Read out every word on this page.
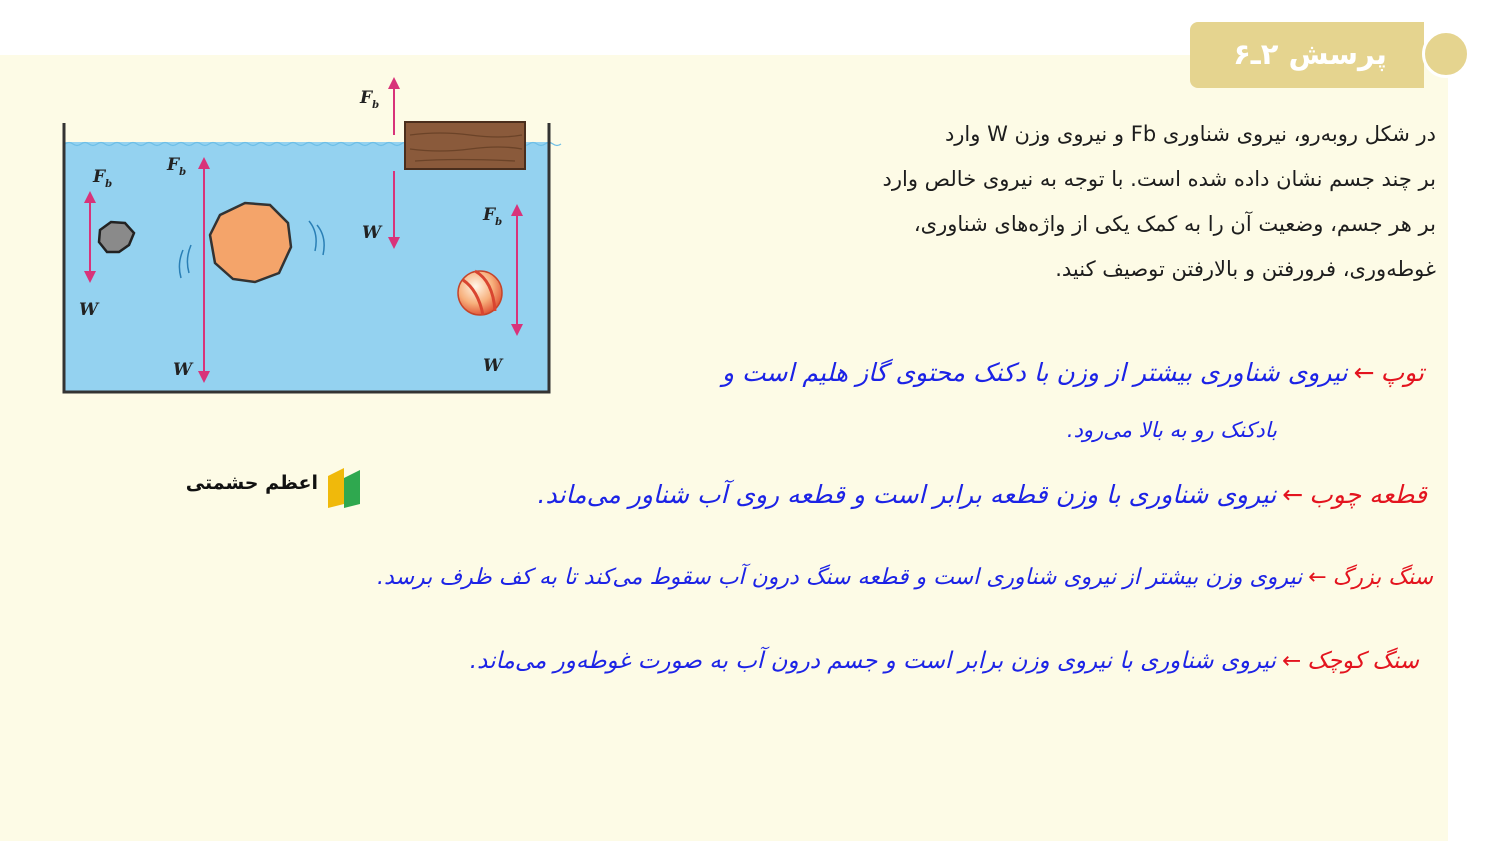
پرسش ۲ـ۶

در شکل روبه‌رو، نیروی شناوری Fb و نیروی وزن W وارد

بر چند جسم نشان داده شده است. با توجه به نیروی خالص وارد

بر هر جسم، وضعیت آن را به کمک یکی از واژه‌های شناوری،

غوطه‌وری، فرورفتن و بالارفتن توصیف کنید.

$F_b$
W
$F_b$
W
$F_b$
W
$F_b$
W
اعظم حشمتی
توپ←نیروی شناوری بیشتر از وزن با دکنک محتوی گاز هلیم است و
بادکنک رو به بالا می‌رود.
قطعه چوب←نیروی شناوری با وزن قطعه برابر است و قطعه روی آب شناور می‌ماند.
سنگ بزرگ←نیروی وزن بیشتر از نیروی شناوری است و قطعه سنگ درون آب سقوط می‌کند تا به کف ظرف برسد.
سنگ کوچک←نیروی شناوری با نیروی وزن برابر است و جسم درون آب به صورت غوطه‌ور می‌ماند.
